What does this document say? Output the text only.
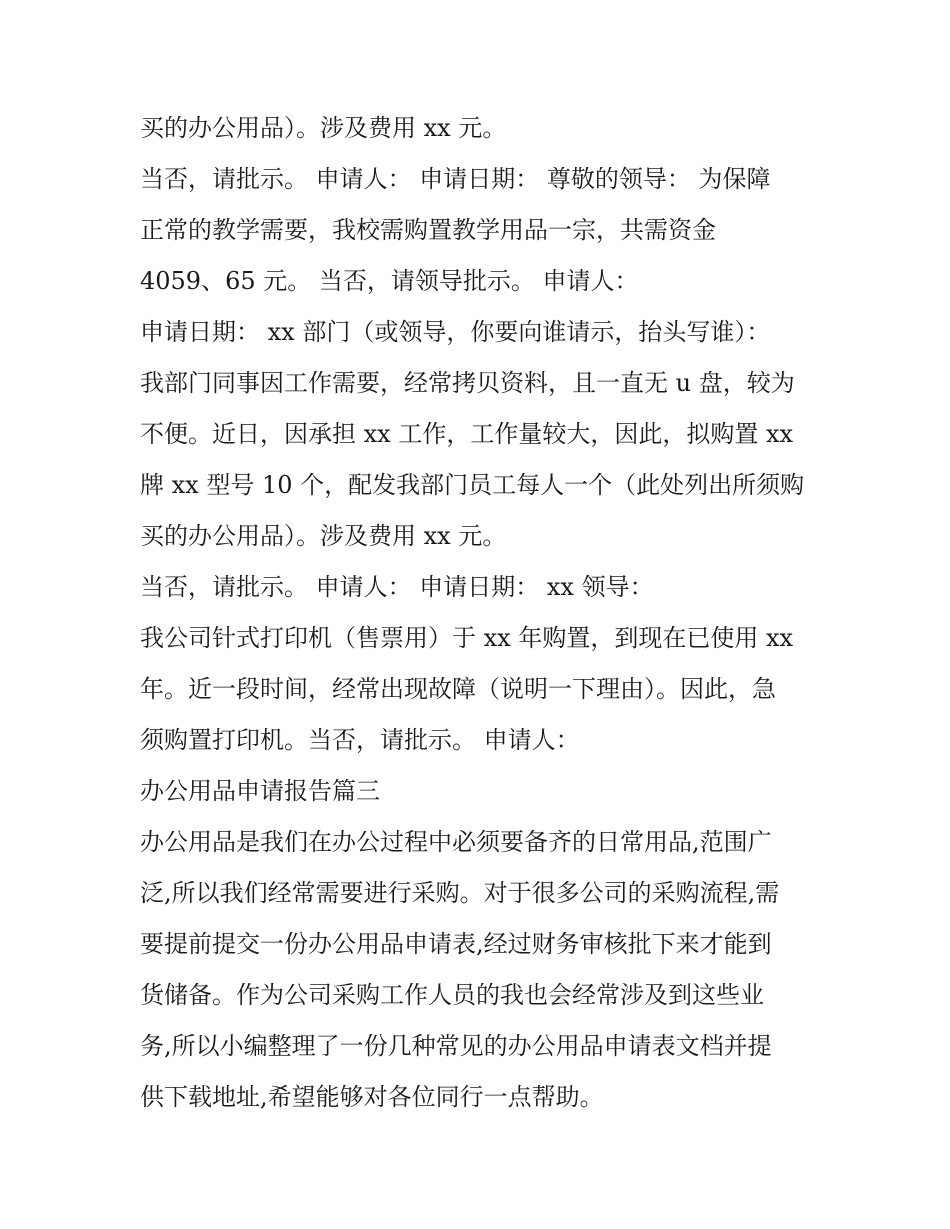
买的办公用品）。涉及费用 xx 元。
当否，请批示。 申请人： 申请日期： 尊敬的领导： 为保障
正常的教学需要，我校需购置教学用品一宗，共需资金
4059、65 元。 当否，请领导批示。 申请人：
申请日期： xx 部门（或领导，你要向谁请示，抬头写谁）：
我部门同事因工作需要，经常拷贝资料，且一直无 u 盘，较为
不便。近日，因承担 xx 工作，工作量较大，因此，拟购置 xx
牌 xx 型号 10 个，配发我部门员工每人一个（此处列出所须购
买的办公用品）。涉及费用 xx 元。
当否，请批示。 申请人： 申请日期： xx 领导：
我公司针式打印机（售票用）于 xx 年购置，到现在已使用 xx
年。近一段时间，经常出现故障（说明一下理由）。因此，急
须购置打印机。当否，请批示。 申请人：
办公用品申请报告篇三
办公用品是我们在办公过程中必须要备齐的日常用品,范围广
泛,所以我们经常需要进行采购。对于很多公司的采购流程,需
要提前提交一份办公用品申请表,经过财务审核批下来才能到
货储备。作为公司采购工作人员的我也会经常涉及到这些业
务,所以小编整理了一份几种常见的办公用品申请表文档并提
供下载地址,希望能够对各位同行一点帮助。
